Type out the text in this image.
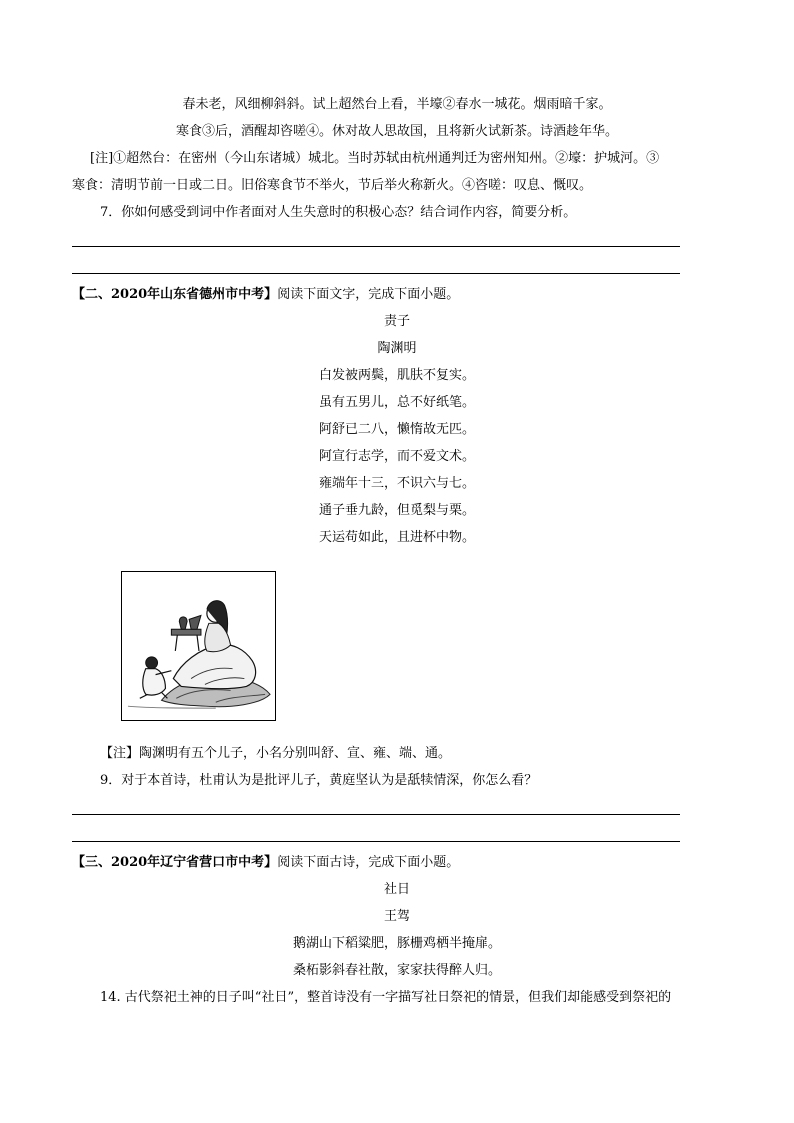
春未老，风细柳斜斜。试上超然台上看，半壕②春水一城花。烟雨暗千家。
寒食③后，酒醒却咨嗟④。休对故人思故国，且将新火试新茶。诗酒趁年华。
[注]①超然台：在密州（今山东诸城）城北。当时苏轼由杭州通判迁为密州知州。②壕：护城河。③
寒食：清明节前一日或二日。旧俗寒食节不举火，节后举火称新火。④咨嗟：叹息、慨叹。
7．你如何感受到词中作者面对人生失意时的积极心态？结合词作内容，简要分析。
【二、2020年山东省德州市中考】阅读下面文字，完成下面小题。
责子
陶渊明
白发被两鬓，肌肤不复实。
虽有五男儿，总不好纸笔。
阿舒已二八，懒惰故无匹。
阿宣行志学，而不爱文术。
雍端年十三，不识六与七。
通子垂九龄，但觅梨与栗。
天运苟如此，且进杯中物。
【注】陶渊明有五个儿子，小名分别叫舒、宣、雍、端、通。
9．对于本首诗，杜甫认为是批评儿子，黄庭坚认为是舐犊情深，你怎么看？
【三、2020年辽宁省营口市中考】阅读下面古诗，完成下面小题。
社日
王驾
鹅湖山下稻粱肥，豚栅鸡栖半掩扉。
桑柘影斜春社散，家家扶得醉人归。
14. 古代祭祀土神的日子叫“社日”，整首诗没有一字描写社日祭祀的情景，但我们却能感受到祭祀的
